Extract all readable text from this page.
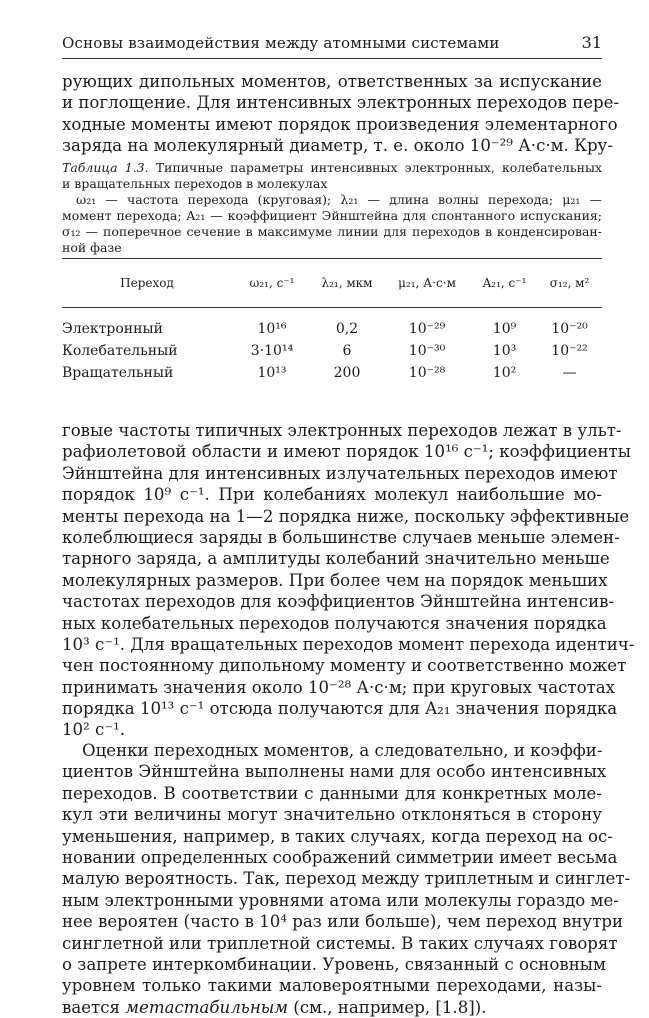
Основы взаимодействия между атомными системами	31
рующих дипольных моментов, ответственных за испускание
и поглощение. Для интенсивных электронных переходов пере-
ходные моменты имеют порядок произведения элементарного
заряда на молекулярный диаметр, т. е. около 10⁻²⁹ А·с·м. Кру-
Таблица 1.3. Типичные параметры интенсивных электронных, колебательных
и вращательных переходов в молекулах
ω₂₁ — частота перехода (круговая); λ₂₁ — длина волны перехода; μ₂₁ —
момент перехода; A₂₁ — коэффициент Эйнштейна для спонтанного испускания;
σ₁₂ — поперечное сечение в максимуме линии для переходов в конденсирован-
ной фазе
Переход	ω₂₁, с⁻¹	λ₂₁, мкм	μ₂₁, А·с·м	A₂₁, с⁻¹	σ₁₂, м²
Электронный	10¹⁶	0,2	10⁻²⁹	10⁹	10⁻²⁰
Колебательный	3·10¹⁴	6	10⁻³⁰	10³	10⁻²²
Вращательный	10¹³	200	10⁻²⁸	10²	—
говые частоты типичных электронных переходов лежат в ульт-
рафиолетовой области и имеют порядок 10¹⁶ с⁻¹; коэффициенты
Эйнштейна для интенсивных излучательных переходов имеют
порядок 10⁹ с⁻¹. При колебаниях молекул наибольшие мо-
менты перехода на 1—2 порядка ниже, поскольку эффективные
колеблющиеся заряды в большинстве случаев меньше элемен-
тарного заряда, а амплитуды колебаний значительно меньше
молекулярных размеров. При более чем на порядок меньших
частотах переходов для коэффициентов Эйнштейна интенсив-
ных колебательных переходов получаются значения порядка
10³ с⁻¹. Для вращательных переходов момент перехода идентич-
чен постоянному дипольному моменту и соответственно может
принимать значения около 10⁻²⁸ А·с·м; при круговых частотах
порядка 10¹³ с⁻¹ отсюда получаются для A₂₁ значения порядка
10² с⁻¹.
Оценки переходных моментов, а следовательно, и коэффи-
циентов Эйнштейна выполнены нами для особо интенсивных
переходов. В соответствии с данными для конкретных моле-
кул эти величины могут значительно отклоняться в сторону
уменьшения, например, в таких случаях, когда переход на ос-
новании определенных соображений симметрии имеет весьма
малую вероятность. Так, переход между триплетным и синглет-
ным электронными уровнями атома или молекулы гораздо ме-
нее вероятен (часто в 10⁴ раз или больше), чем переход внутри
синглетной или триплетной системы. В таких случаях говорят
о запрете интеркомбинации. Уровень, связанный с основным
уровнем только такими маловероятными переходами, назы-
вается метастабильным (см., например, [1.8]).
